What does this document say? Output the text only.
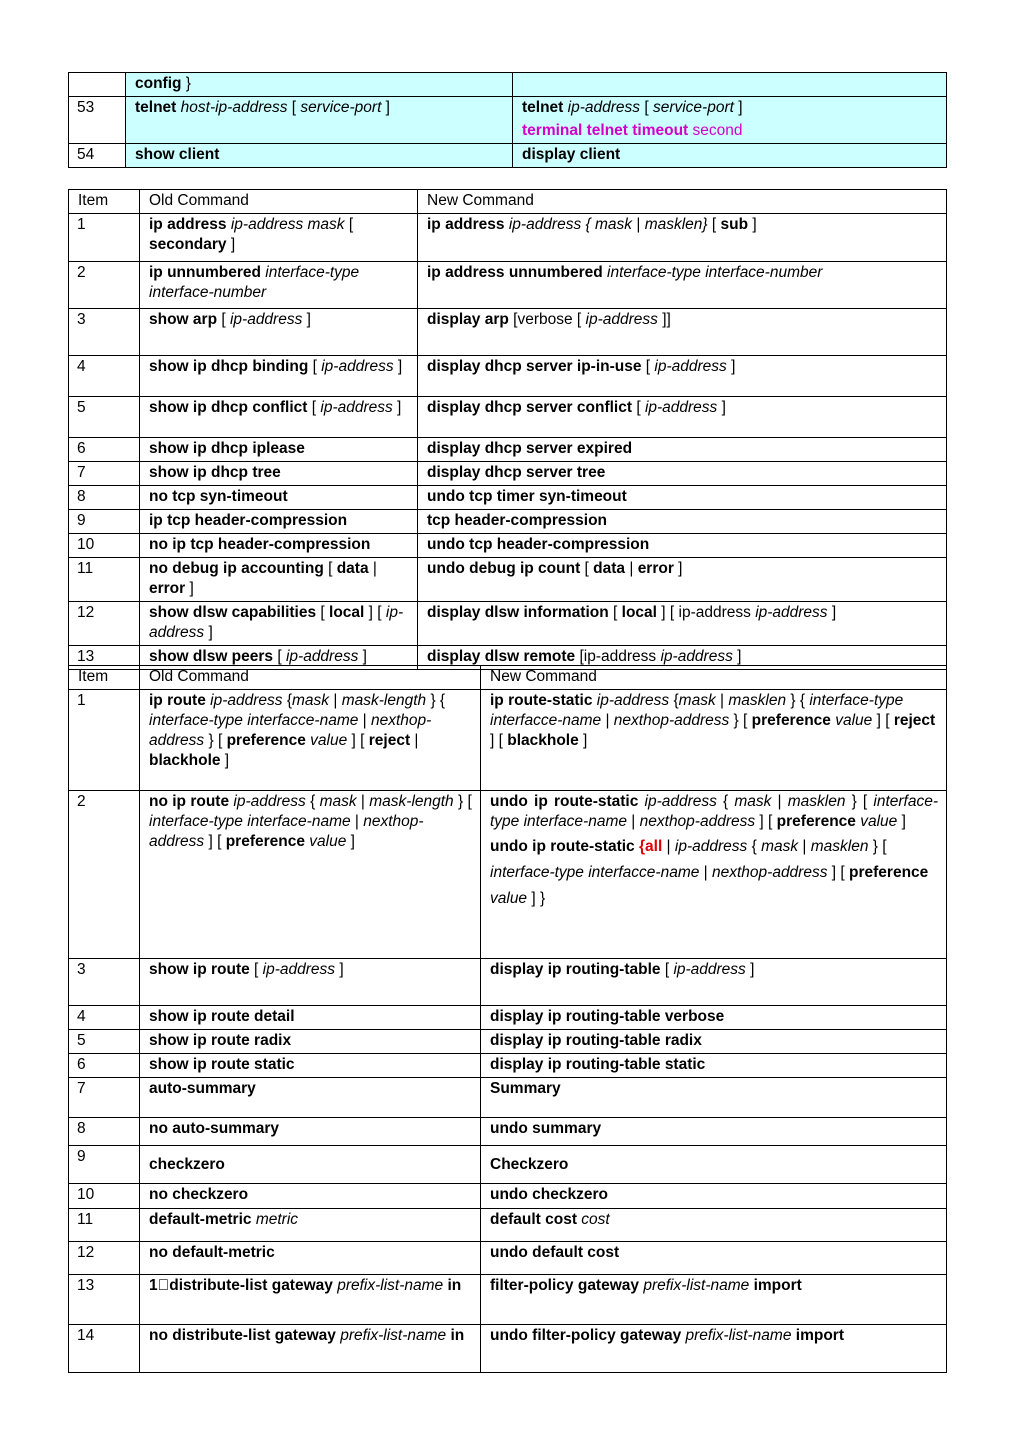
	config }	
53	telnet host-ip-address [ service-port ]	telnet ip-address [ service-port ]
terminal telnet timeout second

54	show client	display client
Item	Old Command	New Command
1	ip address ip-address mask [ secondary ]	ip address ip-address { mask | masklen} [ sub ]
2	ip unnumbered interface-type interface-number	ip address unnumbered interface-type interface-number
3	show arp [ ip-address ]	display arp [verbose [ ip-address ]]
4	show ip dhcp binding [ ip-address ]	display dhcp server ip-in-use [ ip-address ]
5	show ip dhcp conflict [ ip-address ]	display dhcp server conflict [ ip-address ]
6	show ip dhcp iplease	display dhcp server expired
7	show ip dhcp tree	display dhcp server tree
8	no tcp syn-timeout	undo tcp timer syn-timeout
9	ip tcp header-compression	tcp header-compression
10	no ip tcp header-compression	undo tcp header-compression
11	no debug ip accounting [ data | error ]	undo debug ip count [ data | error ]
12	show dlsw capabilities [ local ] [ ip-address ]	display dlsw information [ local ] [ ip-address ip-address ]
13	show dlsw peers [ ip-address ]	display dlsw remote [ip-address ip-address ]
Item	Old Command	New Command
1	ip route ip-address {mask | mask-length } { interface-type interfacce-name | nexthop-address } [ preference value ] [ reject | blackhole ]	ip route-static ip-address {mask | masklen } { interface-type interfacce-name | nexthop-address } [ preference value ] [ reject ] [ blackhole ]
2	no ip route ip-address { mask | mask-length } [ interface-type interface-name | nexthop-address ] [ preference value ]	undo ip route-static ip-address { mask | masklen } [ interface-type interface-name | nexthop-address ] [ preference value ]
undo ip route-static {all | ip-address { mask | masklen } [ interface-type interfacce-name | nexthop-address ] [ preference value ] }

3	show ip route [ ip-address ]	display ip routing-table [ ip-address ]
4	show ip route detail	display ip routing-table verbose
5	show ip route radix	display ip routing-table radix
6	show ip route static	display ip routing-table static
7	auto-summary	Summary
8	no auto-summary	undo summary
9	checkzero	Checkzero
10	no checkzero	undo checkzero
11	default-metric metric	default cost cost
12	no default-metric	undo default cost
13	1 distribute-list gateway prefix-list-name in	filter-policy gateway prefix-list-name import
14	no distribute-list gateway prefix-list-name in	undo filter-policy gateway prefix-list-name import
